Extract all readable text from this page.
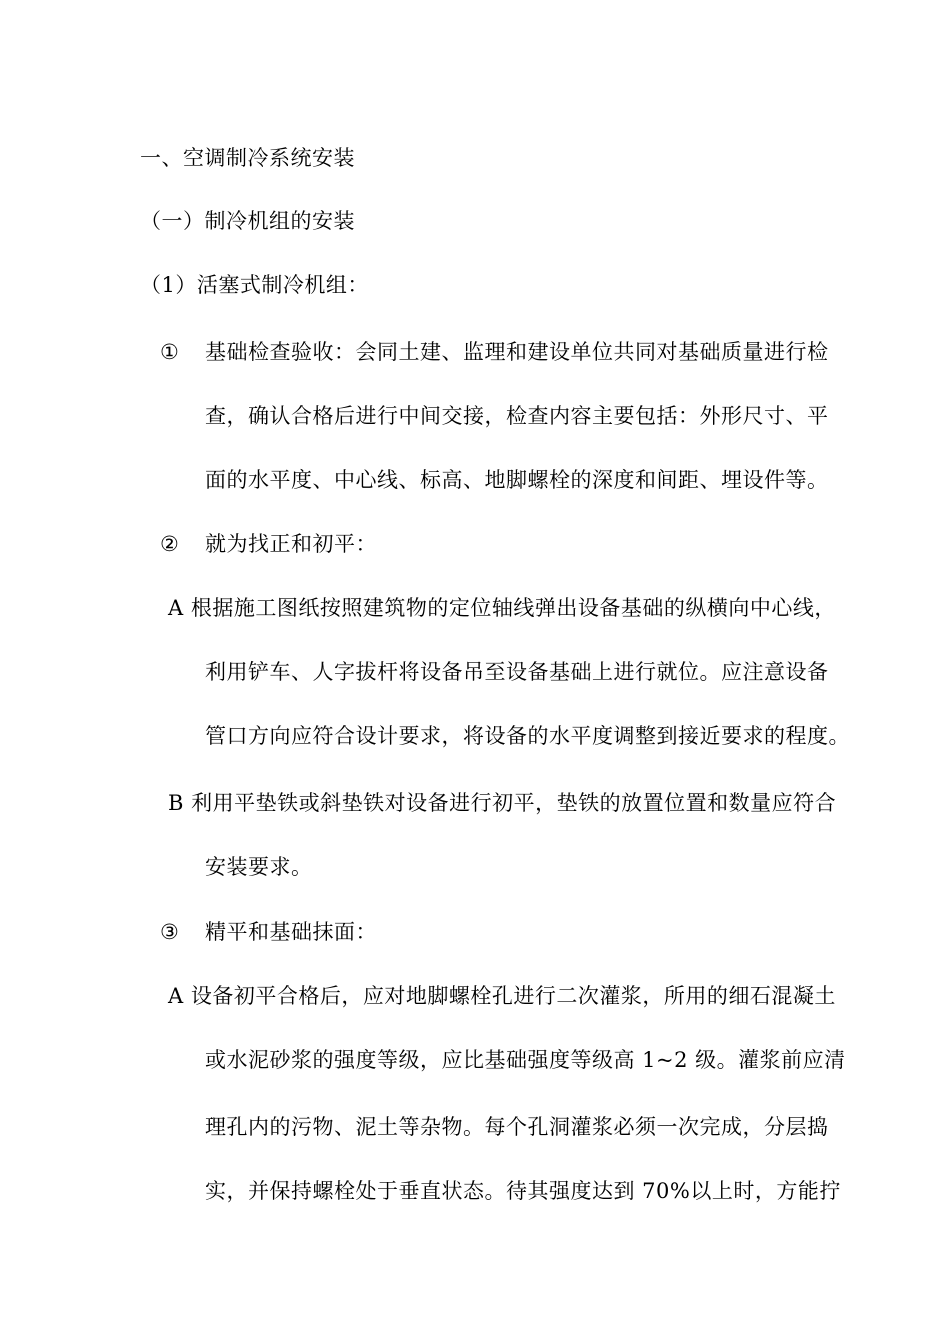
一、空调制冷系统安装
（一）制冷机组的安装
（1）活塞式制冷机组：
① 基础检查验收：会同土建、监理和建设单位共同对基础质量进行检
查，确认合格后进行中间交接，检查内容主要包括：外形尺寸、平
面的水平度、中心线、标高、地脚螺栓的深度和间距、埋设件等。
② 就为找正和初平：
A 根据施工图纸按照建筑物的定位轴线弹出设备基础的纵横向中心线，
利用铲车、人字拔杆将设备吊至设备基础上进行就位。应注意设备
管口方向应符合设计要求，将设备的水平度调整到接近要求的程度。
B 利用平垫铁或斜垫铁对设备进行初平，垫铁的放置位置和数量应符合
安装要求。
③ 精平和基础抹面：
A 设备初平合格后，应对地脚螺栓孔进行二次灌浆，所用的细石混凝土
或水泥砂浆的强度等级，应比基础强度等级高 1~2 级。灌浆前应清
理孔内的污物、泥土等杂物。每个孔洞灌浆必须一次完成，分层捣
实，并保持螺栓处于垂直状态。待其强度达到 70%以上时，方能拧
